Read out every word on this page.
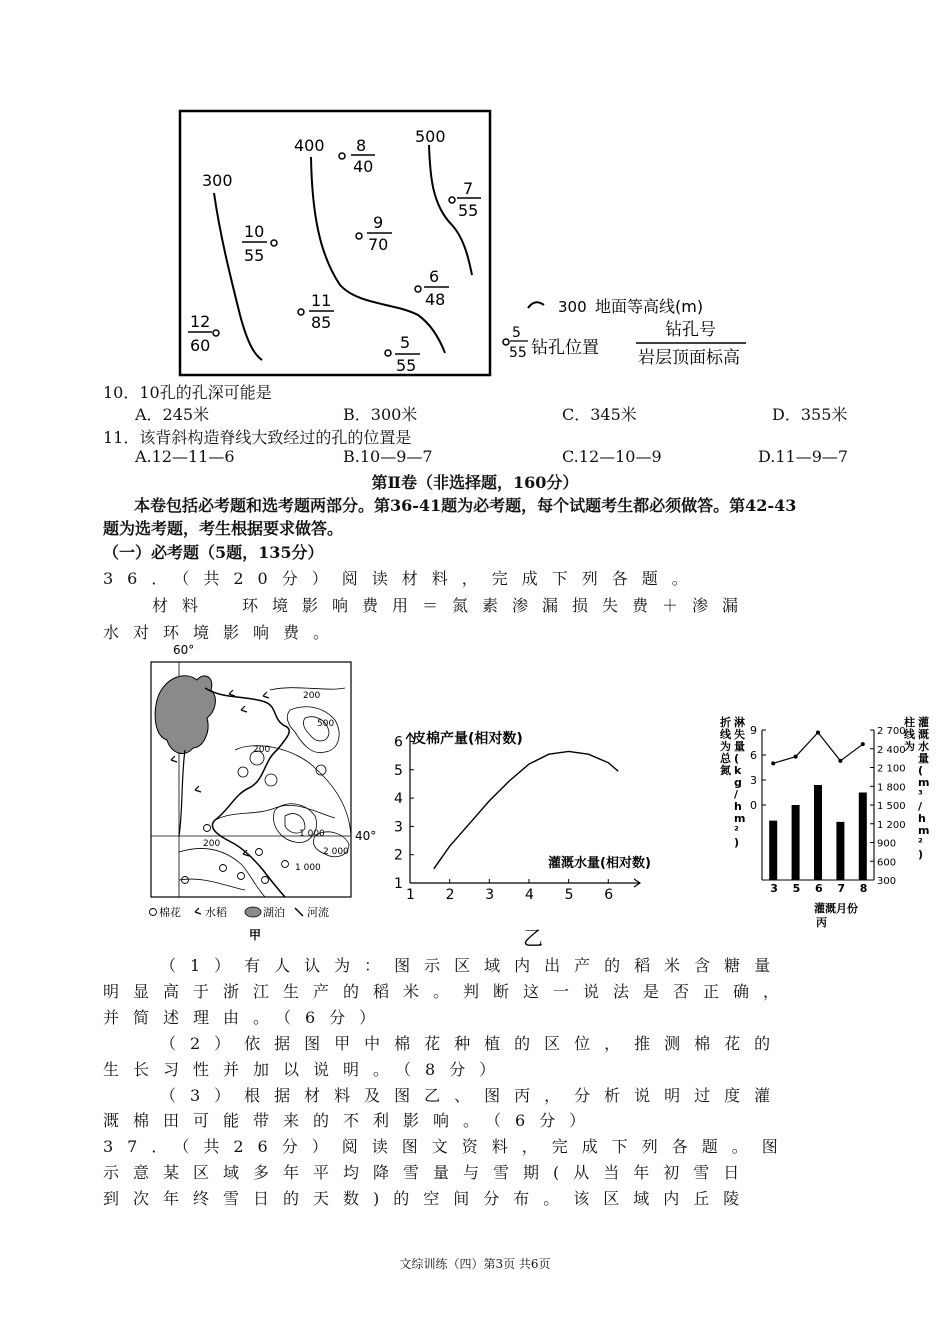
300
400	500
8
40
7
55
10
55
9
70
6
48
11
85
12
60	5
55
300 地面等高线(m)
5
55 钻孔位置
钻孔号
岩层顶面标高
10．10孔的孔深可能是
A．245米	B．300米	C．345米	D．355米
11．该背斜构造脊线大致经过的孔的位置是
A.12—11—6	B.10—9—7	C.12—10—9	D.11—9—7
第Ⅱ卷（非选择题，160分）
本卷包括必考题和选考题两部分。第36-41题为必考题，每个试题考生都必须做答。第42-43
题为选考题，考生根据要求做答。
（一）必考题（5题，135分）
36．（共20分）阅读材料，完成下列各题。
材料　环境影响费用＝氮素渗漏损失费＋渗漏
水对环境影响费。
60°
40°
200
500
200
1 000
2 000
1 000
200
棉花 水稻	湖泊 河流
甲
1 2 3 4 5 6
1
2
3
4
5
6 皮棉产量(相对数)
灌溉水量(相对数)
乙
0
3
6
9
300
600
900
1 200
1 500
1 800
2 100
2 400
2 700
3 5 6 7 8
折
线
为
总
氮
淋
失
量
(
k
g
/
h
m
²
)
柱
线
为
灌
溉
水
量
(
m
³
/
h
m
²
)
灌溉月份
丙
（1）有人认为：图示区域内出产的稻米含糖量
明显高于浙江生产的稻米。判断这一说法是否正确，
并简述理由。（6分）
（2）依据图甲中棉花种植的区位，推测棉花的
生长习性并加以说明。（8分）
（3）根据材料及图乙、图丙，分析说明过度灌
溉棉田可能带来的不利影响。（6分）
37．（共26分）阅读图文资料，完成下列各题。图
示意某区域多年平均降雪量与雪期(从当年初雪日
到次年终雪日的天数)的空间分布。该区域内丘陵
文综训练（四）第3页 共6页
